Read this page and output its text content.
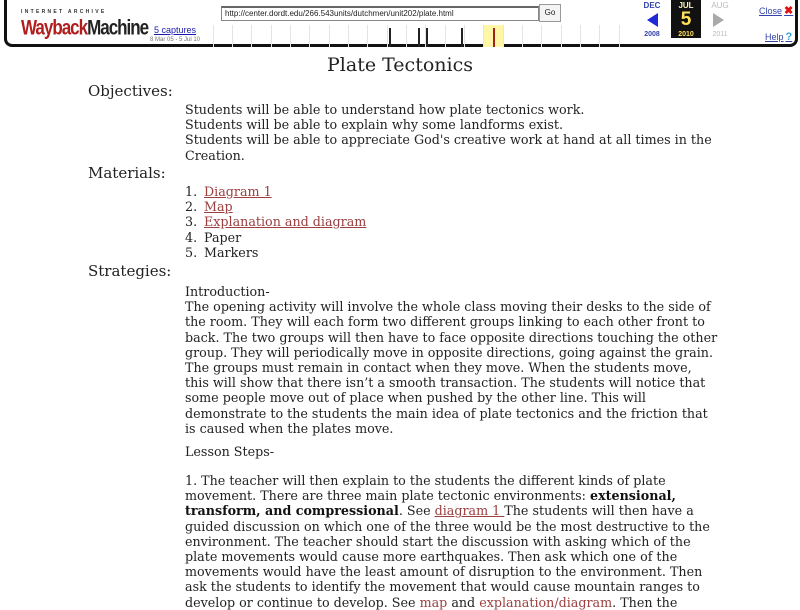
INTERNET ARCHIVE
WaybackMachine
http://center.dordt.edu/266.543units/dutchmen/unit202/plate.html	Go
5 captures
8 Mar 05 - 5 Jul 10
DEC
2008
JUL
5
2010
AUG
2011
Close ✖
Help ?
Plate Tectonics
Objectives:

Students will be able to understand how plate tectonics work.

Students will be able to explain why some landforms exist.

Students will be able to appreciate God's creative work at hand at all times in the

Creation.

Materials:
1. Diagram 1
2. Map
3. Explanation and diagram
4. Paper
5. Markers
Strategies:

Introduction-

The opening activity will involve the whole class moving their desks to the side of

the room. They will each form two different groups linking to each other front to

back. The two groups will then have to face opposite directions touching the other

group. They will periodically move in opposite directions, going against the grain.

The groups must remain in contact when they move. When the students move,

this will show that there isn’t a smooth transaction. The students will notice that

some people move out of place when pushed by the other line. This will

demonstrate to the students the main idea of plate tectonics and the friction that

is caused when the plates move.

Lesson Steps-

1. The teacher will then explain to the students the different kinds of plate

movement. There are three main plate tectonic environments: extensional,

transform, and compressional. See diagram 1 The students will then have a

guided discussion on which one of the three would be the most destructive to the

environment. The teacher should start the discussion with asking which of the

plate movements would cause more earthquakes. Then ask which one of the

movements would have the least amount of disruption to the environment. Then

ask the students to identify the movement that would cause mountain ranges to

develop or continue to develop. See map and explanation/diagram. Then the
